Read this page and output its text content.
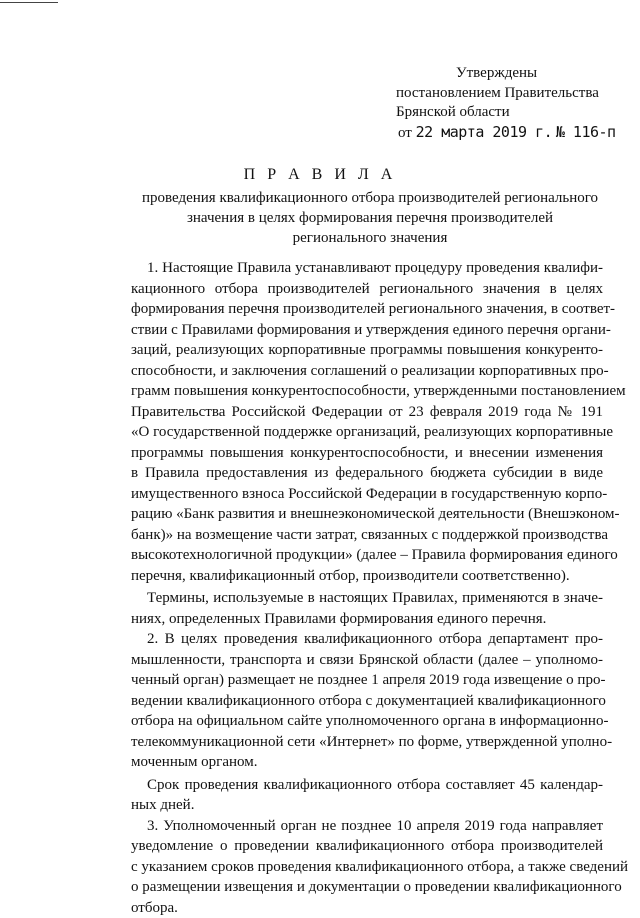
Утверждены
постановлением Правительства
Брянской области
от 22 марта 2019 г. № 116-п
П Р А В И Л А
проведения квалификационного отбора производителей регионального
значения в целях формирования перечня производителей
регионального значения
1. Настоящие Правила устанавливают процедуру проведения квалифи-
кационного отбора производителей регионального значения в целях
формирования перечня производителей регионального значения, в соответ-
ствии с Правилами формирования и утверждения единого перечня органи-
заций, реализующих корпоративные программы повышения конкуренто-
способности, и заключения соглашений о реализации корпоративных про-
грамм повышения конкурентоспособности, утвержденными постановлением
Правительства Российской Федерации от 23 февраля 2019 года № 191
«О государственной поддержке организаций, реализующих корпоративные
программы повышения конкурентоспособности, и внесении изменения
в Правила предоставления из федерального бюджета субсидии в виде
имущественного взноса Российской Федерации в государственную корпо-
рацию «Банк развития и внешнеэкономической деятельности (Внешэконом-
банк)» на возмещение части затрат, связанных с поддержкой производства
высокотехнологичной продукции» (далее – Правила формирования единого
перечня, квалификационный отбор, производители соответственно).
Термины, используемые в настоящих Правилах, применяются в значе-
ниях, определенных Правилами формирования единого перечня.
2. В целях проведения квалификационного отбора департамент про-
мышленности, транспорта и связи Брянской области (далее – уполномо-
ченный орган) размещает не позднее 1 апреля 2019 года извещение о про-
ведении квалификационного отбора с документацией квалификационного
отбора на официальном сайте уполномоченного органа в информационно-
телекоммуникационной сети «Интернет» по форме, утвержденной уполно-
моченным органом.
Срок проведения квалификационного отбора составляет 45 календар-
ных дней.
3. Уполномоченный орган не позднее 10 апреля 2019 года направляет
уведомление о проведении квалификационного отбора производителей
с указанием сроков проведения квалификационного отбора, а также сведений
о размещении извещения и документации о проведении квалификационного
отбора.
